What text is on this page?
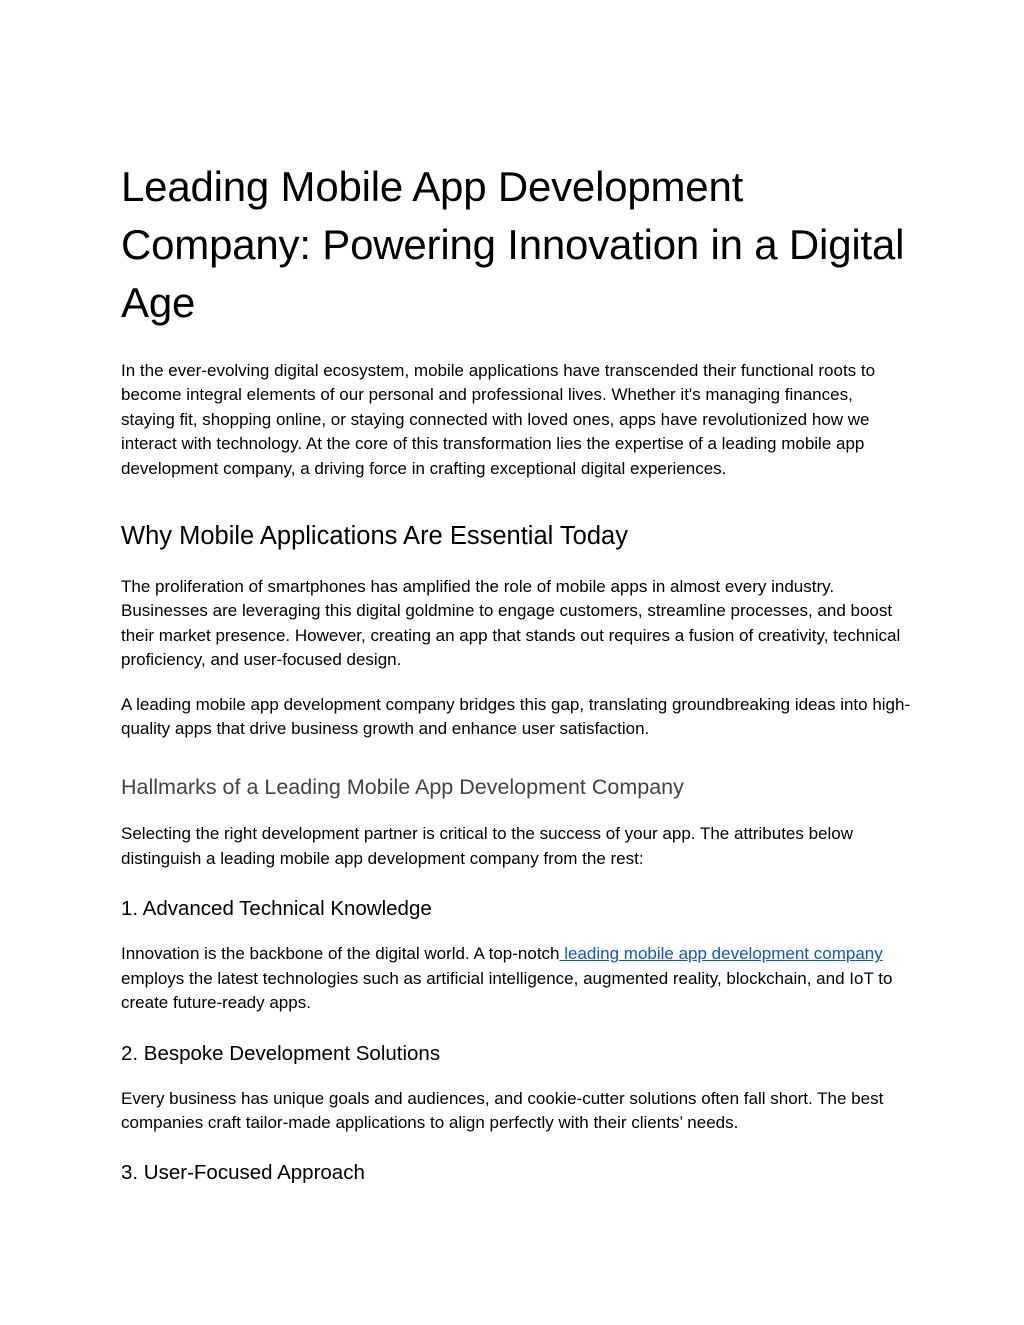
Leading Mobile App Development Company: Powering Innovation in a Digital Age

In the ever-evolving digital ecosystem, mobile applications have transcended their functional roots to become integral elements of our personal and professional lives. Whether it's managing finances, staying fit, shopping online, or staying connected with loved ones, apps have revolutionized how we interact with technology. At the core of this transformation lies the expertise of a leading mobile app development company, a driving force in crafting exceptional digital experiences.

Why Mobile Applications Are Essential Today

The proliferation of smartphones has amplified the role of mobile apps in almost every industry. Businesses are leveraging this digital goldmine to engage customers, streamline processes, and boost their market presence. However, creating an app that stands out requires a fusion of creativity, technical proficiency, and user-focused design.

A leading mobile app development company bridges this gap, translating groundbreaking ideas into high-quality apps that drive business growth and enhance user satisfaction.

Hallmarks of a Leading Mobile App Development Company

Selecting the right development partner is critical to the success of your app. The attributes below distinguish a leading mobile app development company from the rest:

1. Advanced Technical Knowledge

Innovation is the backbone of the digital world. A top-notch leading mobile app development company employs the latest technologies such as artificial intelligence, augmented reality, blockchain, and IoT to create future-ready apps.

2. Bespoke Development Solutions

Every business has unique goals and audiences, and cookie-cutter solutions often fall short. The best companies craft tailor-made applications to align perfectly with their clients’ needs.

3. User-Focused Approach
